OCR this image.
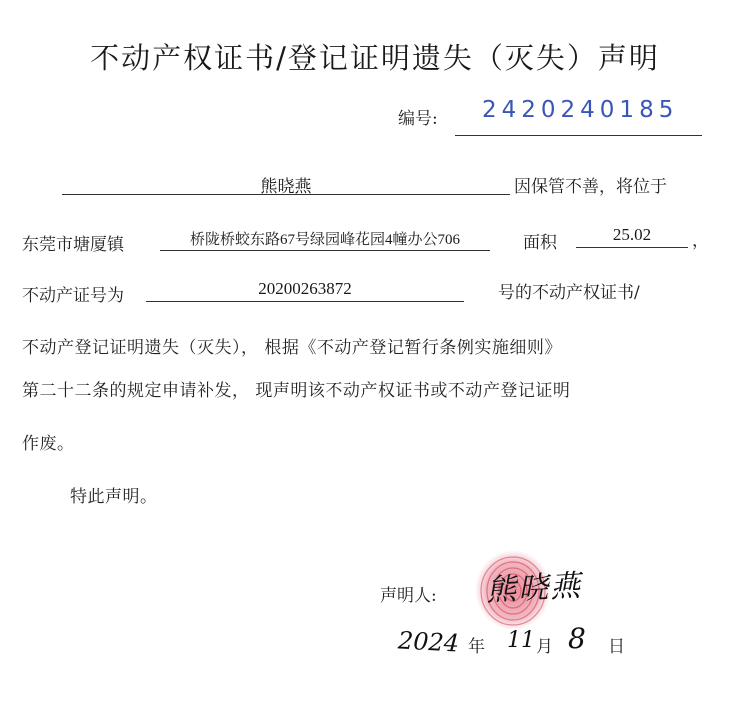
不动产权证书/登记证明遗失（灭失）声明
编号: 2420240185
熊晓燕	因保管不善，将位于
东莞市塘厦镇	桥陇桥蛟东路67号绿园峰花园4幢办公706	面积	25.02	，
不动产证号为	20200263872	号的不动产权证书/
不动产登记证明遗失（灭失）， 根据《不动产登记暂行条例实施细则》
第二十二条的规定申请补发， 现声明该不动产权证书或不动产登记证明
作废。
特此声明。
声明人: 熊晓燕
2024 年 11 月 8 日
